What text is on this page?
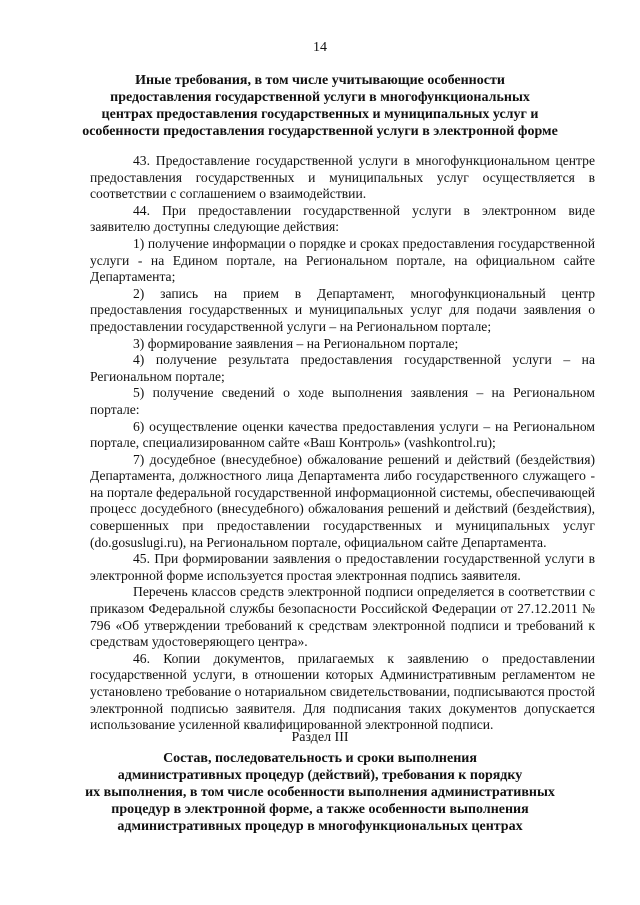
14
Иные требования, в том числе учитывающие особенности
предоставления государственной услуги в многофункциональных
центрах предоставления государственных и муниципальных услуг и
особенности предоставления государственной услуги в электронной форме

43. Предоставление государственной услуги в многофункциональном центре предоставления государственных и муниципальных услуг осуществляется в соответствии с соглашением о взаимодействии.

44. При предоставлении государственной услуги в электронном виде заявителю доступны следующие действия:

1) получение информации о порядке и сроках предоставления государственной услуги - на Едином портале, на Региональном портале, на официальном сайте Департамента;

2) запись на прием в Департамент, многофункциональный центр предоставления государственных и муниципальных услуг для подачи заявления о предоставлении государственной услуги – на Региональном портале;

3) формирование заявления – на Региональном портале;

4) получение результата предоставления государственной услуги – на Региональном портале;

5) получение сведений о ходе выполнения заявления – на Региональном портале:

6) осуществление оценки качества предоставления услуги – на Региональном портале, специализированном сайте «Ваш Контроль» (vashkontrol.ru);

7) досудебное (внесудебное) обжалование решений и действий (бездействия) Департамента, должностного лица Департамента либо государственного служащего - на портале федеральной государственной информационной системы, обеспечивающей процесс досудебного (внесудебного) обжалования решений и действий (бездействия), совершенных при предоставлении государственных и муниципальных услуг (do.gosuslugi.ru), на Региональном портале, официальном сайте Департамента.

45. При формировании заявления о предоставлении государственной услуги в электронной форме используется простая электронная подпись заявителя.

Перечень классов средств электронной подписи определяется в соответствии с приказом Федеральной службы безопасности Российской Федерации от 27.12.2011 № 796 «Об утверждении требований к средствам электронной подписи и требований к средствам удостоверяющего центра».

46. Копии документов, прилагаемых к заявлению о предоставлении государственной услуги, в отношении которых Административным регламентом не установлено требование о нотариальном свидетельствовании, подписываются простой электронной подписью заявителя. Для подписания таких документов допускается использование усиленной квалифицированной электронной подписи.

Раздел III
Состав, последовательность и сроки выполнения
административных процедур (действий), требования к порядку
их выполнения, в том числе особенности выполнения административных
процедур в электронной форме, а также особенности выполнения
административных процедур в многофункциональных центрах
